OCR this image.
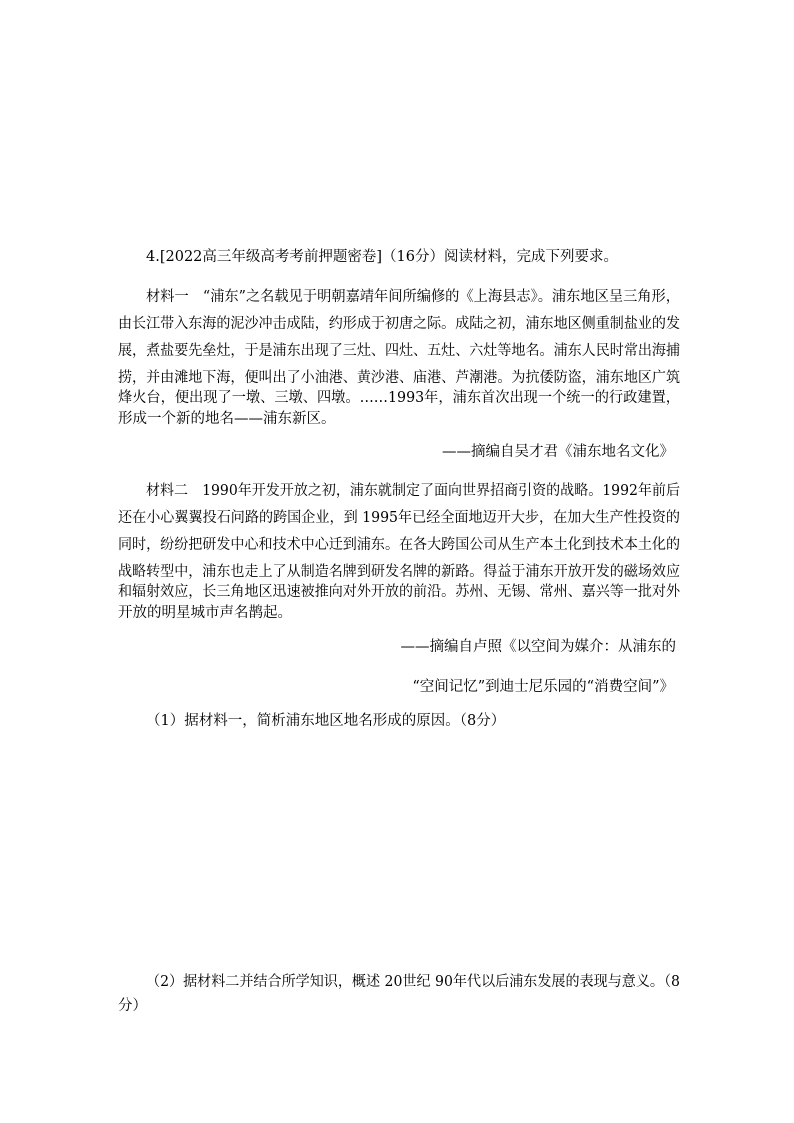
4.[2022高三年级高考考前押题密卷]（16分）阅读材料，完成下列要求。
材料一　“浦东”之名载见于明朝嘉靖年间所编修的《上海县志》。浦东地区呈三角形，
由长江带入东海的泥沙冲击成陆，约形成于初唐之际。成陆之初，浦东地区侧重制盐业的发
展，煮盐要先垒灶，于是浦东出现了三灶、四灶、五灶、六灶等地名。浦东人民时常出海捕
捞，并由滩地下海，便叫出了小油港、黄沙港、庙港、芦潮港。为抗倭防盗，浦东地区广筑
烽火台，便出现了一墩、三墩、四墩。……1993年，浦东首次出现一个统一的行政建置，
形成一个新的地名——浦东新区。
——摘编自吴才君《浦东地名文化》
材料二　1990年开发开放之初，浦东就制定了面向世界招商引资的战略。1992年前后
还在小心翼翼投石问路的跨国企业，到 1995年已经全面地迈开大步，在加大生产性投资的
同时，纷纷把研发中心和技术中心迁到浦东。在各大跨国公司从生产本土化到技术本土化的
战略转型中，浦东也走上了从制造名牌到研发名牌的新路。得益于浦东开放开发的磁场效应
和辐射效应，长三角地区迅速被推向对外开放的前沿。苏州、无锡、常州、嘉兴等一批对外
开放的明星城市声名鹊起。
——摘编自卢照《以空间为媒介：从浦东的
“空间记忆”到迪士尼乐园的“消费空间”》
（1）据材料一，简析浦东地区地名形成的原因。（8分）
（2）据材料二并结合所学知识，概述 20世纪 90年代以后浦东发展的表现与意义。（8
分）
